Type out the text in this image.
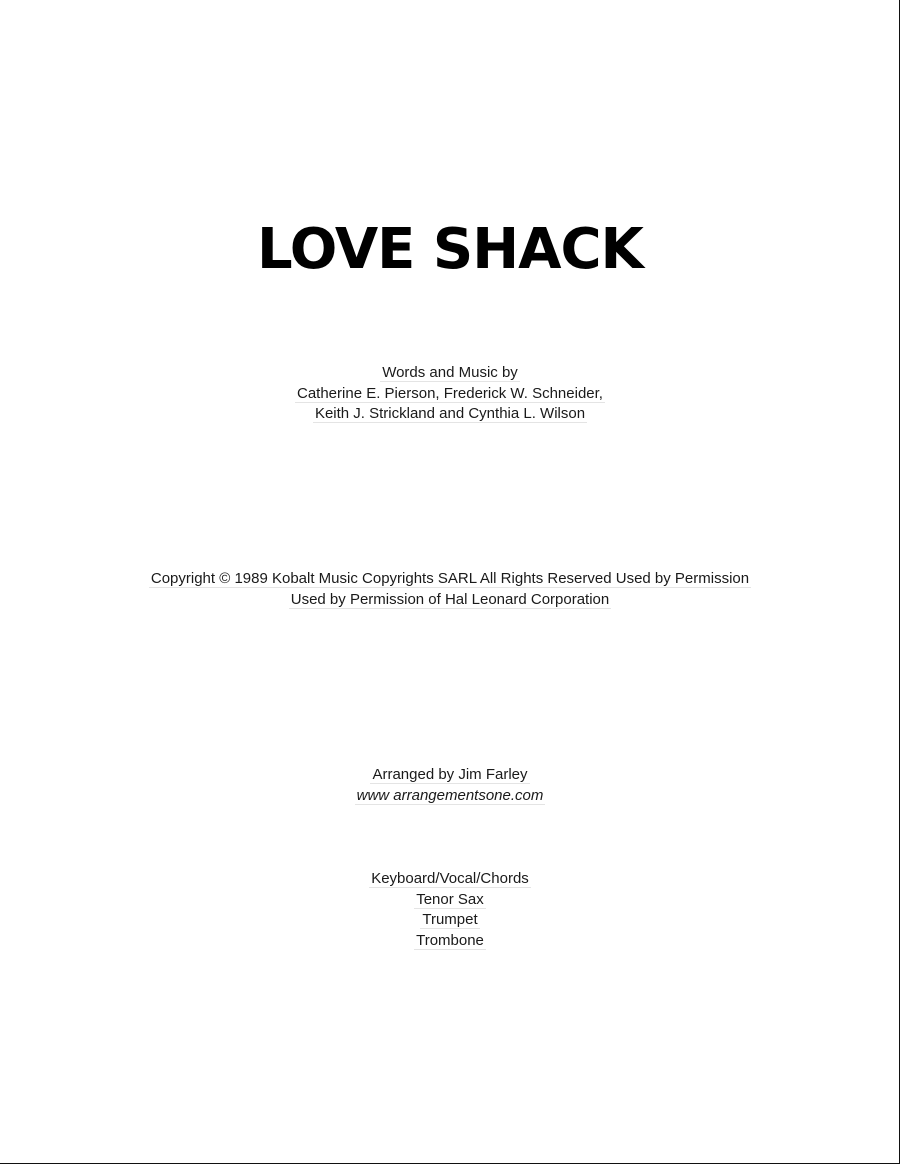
LOVE SHACK
Words and Music by
Catherine E. Pierson, Frederick W. Schneider,
Keith J. Strickland and Cynthia L. Wilson
Copyright © 1989 Kobalt Music Copyrights SARL All Rights Reserved Used by Permission
Used by Permission of Hal Leonard Corporation
Arranged by Jim Farley
www arrangementsone.com
Keyboard/Vocal/Chords
Tenor Sax
Trumpet
Trombone
